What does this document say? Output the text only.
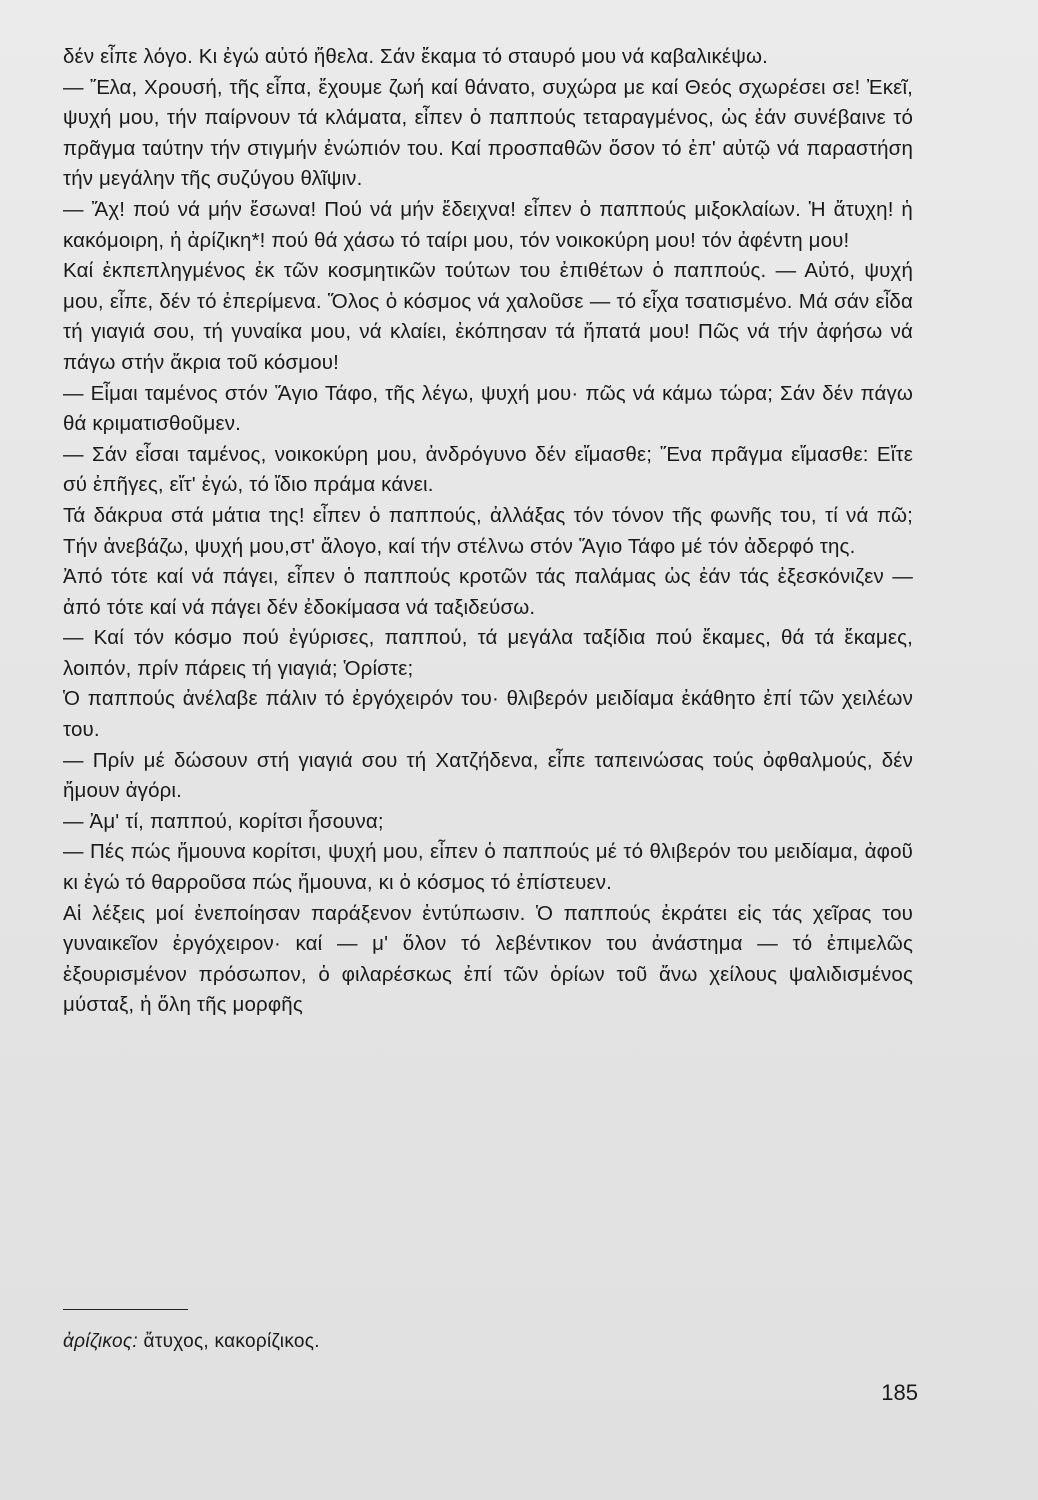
δέν εἶπε λόγο. Κι ἐγώ αὐτό ἤθελα. Σάν ἔκαμα τό σταυρό μου νά καβαλικέψω.

— Ἔλα, Χρουσή, τῆς εἶπα, ἔχουμε ζωή καί θάνατο, συχώρα με καί Θεός σχωρέσει σε! Ἐκεῖ, ψυχή μου, τήν παίρνουν τά κλάματα, εἶπεν ὁ παππούς τεταραγμένος, ὡς ἐάν συνέβαινε τό πρᾶγμα ταύτην τήν στιγμήν ἐνώπιόν του. Καί προσπαθῶν ὅσον τό ἐπ' αὐτῷ νά παραστήση τήν μεγάλην τῆς συζύγου θλῖψιν.

— Ἄχ! πού νά μήν ἔσωνα! Πού νά μήν ἔδειχνα! εἶπεν ὁ παππούς μιξοκλαίων. Ἡ ἄτυχη! ἡ κακόμοιρη, ἡ ἀρίζικη*! πού θά χάσω τό ταίρι μου, τόν νοικοκύρη μου! τόν ἀφέντη μου!

Καί ἐκπεπληγμένος ἐκ τῶν κοσμητικῶν τούτων του ἐπιθέτων ὁ παππούς. — Αὐτό, ψυχή μου, εἶπε, δέν τό ἐπερίμενα. Ὅλος ὁ κόσμος νά χαλοῦσε — τό εἶχα τσατισμένο. Μά σάν εἶδα τή γιαγιά σου, τή γυναίκα μου, νά κλαίει, ἐκόπησαν τά ἥπατά μου! Πῶς νά τήν ἀφήσω νά πάγω στήν ἄκρια τοῦ κόσμου!

— Εἶμαι ταμένος στόν Ἅγιο Τάφο, τῆς λέγω, ψυχή μου· πῶς νά κάμω τώρα; Σάν δέν πάγω θά κριματισθοῦμεν.

— Σάν εἶσαι ταμένος, νοικοκύρη μου, ἀνδρόγυνο δέν εἴμασθε; Ἕνα πρᾶγμα εἴμασθε: Εἴτε σύ ἐπῆγες, εἴτ' ἐγώ, τό ἴδιο πράμα κάνει.

Τά δάκρυα στά μάτια της! εἶπεν ὁ παππούς, ἀλλάξας τόν τόνον τῆς φωνῆς του, τί νά πῶ; Τήν ἀνεβάζω, ψυχή μου,στ' ἄλογο, καί τήν στέλνω στόν Ἅγιο Τάφο μέ τόν ἀδερφό της.

Ἀπό τότε καί νά πάγει, εἶπεν ὁ παππούς κροτῶν τάς παλάμας ὡς ἐάν τάς ἐξεσκόνιζεν — ἀπό τότε καί νά πάγει δέν ἐδοκίμασα νά ταξιδεύσω.

— Καί τόν κόσμο πού ἐγύρισες, παππού, τά μεγάλα ταξίδια πού ἔκαμες, θά τά ἔκαμες, λοιπόν, πρίν πάρεις τή γιαγιά; Ὁρίστε;

Ὁ παππούς ἀνέλαβε πάλιν τό ἐργόχειρόν του· θλιβερόν μειδίαμα ἐκάθητο ἐπί τῶν χειλέων του.

— Πρίν μέ δώσουν στή γιαγιά σου τή Χατζήδενα, εἶπε ταπεινώσας τούς ὀφθαλμούς, δέν ἤμουν ἀγόρι.

— Ἀμ' τί, παππού, κορίτσι ἦσουνα;

— Πές πώς ἤμουνα κορίτσι, ψυχή μου, εἶπεν ὁ παππούς μέ τό θλιβερόν του μειδίαμα, ἀφοῦ κι ἐγώ τό θαρροῦσα πώς ἤμουνα, κι ὁ κόσμος τό ἐπίστευεν.

Αἱ λέξεις μοί ἐνεποίησαν παράξενον ἐντύπωσιν. Ὁ παππούς ἐκράτει εἰς τάς χεῖρας του γυναικεῖον ἐργόχειρον· καί — μ' ὅλον τό λεβέντικον του ἀνάστημα — τό ἐπιμελῶς ἐξουρισμένον πρόσωπον, ὁ φιλαρέσκως ἐπί τῶν ὁρίων τοῦ ἄνω χείλους ψαλιδισμένος μύσταξ, ἡ ὅλη τῆς μορφῆς

ἀρίζικος: ἄτυχος, κακορίζικος.
185
